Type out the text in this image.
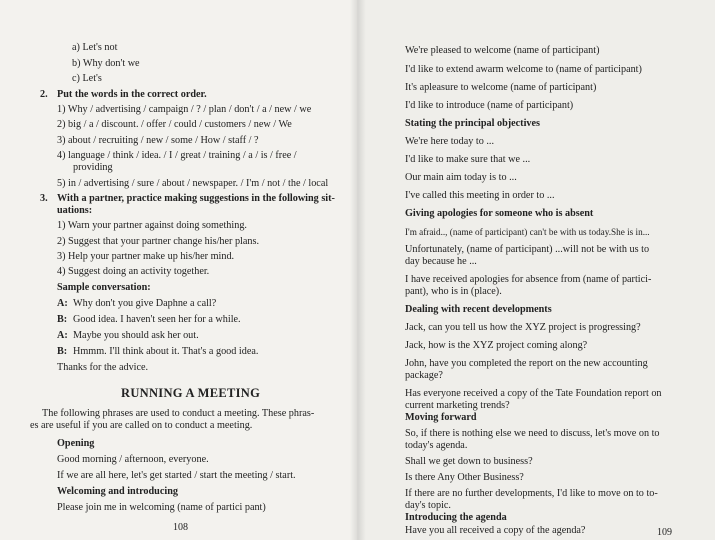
a) Let's not
b) Why don't we
c) Let's
2. Put the words in the correct order.
1) Why / advertising / campaign / ? / plan / don't / a / new / we
2) big / a / discount. / offer / could / customers / new / We
3) about / recruiting / new / some / How / staff / ?
4) language / think / idea. / I / great / training / a / is / free /
providing
5) in / advertising / sure / about / newspaper. / I'm / not / the / local
3. With a partner, practice making suggestions in the following sit-
uations:
1) Warn your partner against doing something.
2) Suggest that your partner change his/her plans.
3) Help your partner make up his/her mind.
4) Suggest doing an activity together.
Sample conversation:
A: Why don't you give Daphne a call?
B: Good idea. I haven't seen her for a while.
A: Maybe you should ask her out.
B: Hmmm. I'll think about it. That's a good idea.
Thanks for the advice.
RUNNING A MEETING
The following phrases are used to conduct a meeting. These phras-
es are useful if you are called on to conduct a meeting.
Opening
Good morning / afternoon, everyone.
If we are all here, let's get started / start the meeting / start.
Welcoming and introducing
Please join me in welcoming (name of partici pant)
108
We're pleased to welcome (name of participant)
I'd like to extend awarm welcome to (name of participant)
It's apleasure to welcome (name of participant)
I'd like to introduce (name of participant)
Stating the principal objectives
We're here today to ...
I'd like to make sure that we ...
Our main aim today is to ...
I've called this meeting in order to ...
Giving apologies for someone who is absent
I'm afraid.., (name of participant) can't be with us today.She is in...
Unfortunately, (name of participant) ...will not be with us to
day because he ...
I have received apologies for absence from (name of partici-
pant), who is in (place).
Dealing with recent developments
Jack, can you tell us how the XYZ project is progressing?
Jack, how is the XYZ project coming along?
John, have you completed the report on the new accounting
package?
Has everyone received a copy of the Tate Foundation report on
current marketing trends?
Moving forward
So, if there is nothing else we need to discuss, let's move on to
today's agenda.
Shall we get down to business?
Is there Any Other Business?
If there are no further developments, I'd like to move on to to-
day's topic.
Introducing the agenda
Have you all received a copy of the agenda?	109
